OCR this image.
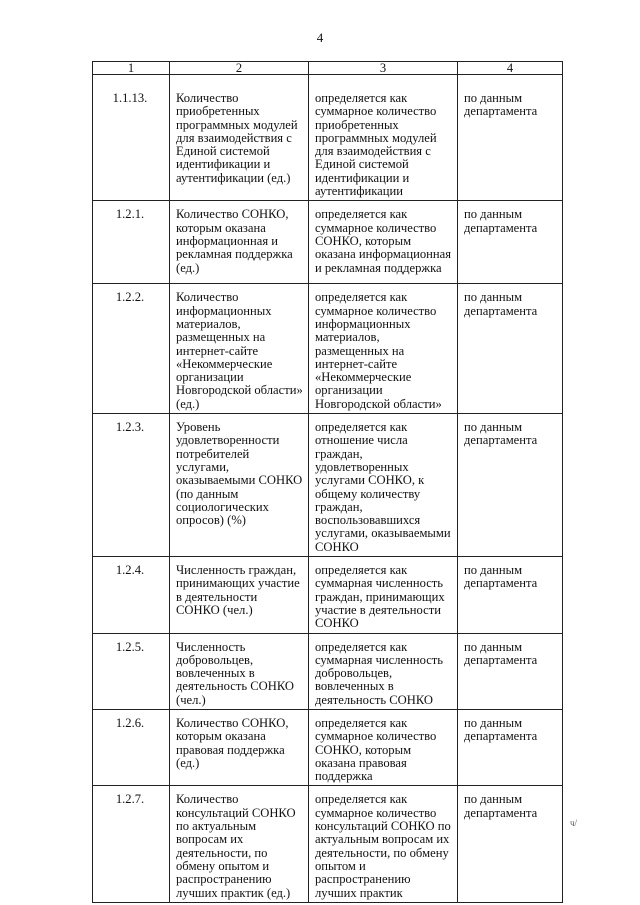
4
1	2	3	4
1.1.13.	Количество приобретенных программных модулей для взаимодействия с Единой системой идентификации и аутентификации (ед.)	определяется как суммарное количество приобретенных программных модулей для взаимодействия с Единой системой идентификации и аутентификации	по данным департамента
1.2.1.	Количество СОНКО, которым оказана информационная и рекламная поддержка (ед.)	определяется как суммарное количество СОНКО, которым оказана информационная и рекламная поддержка	по данным департамента
1.2.2.	Количество информационных материалов, размещенных на интернет-сайте «Некоммерческие организации Новгородской области» (ед.)	определяется как суммарное количество информационных материалов, размещенных на интернет-сайте «Некоммерческие организации Новгородской области»	по данным департамента
1.2.3.	Уровень удовлетворенности потребителей услугами, оказываемыми СОНКО (по данным социологических опросов) (%)	определяется как отношение числа граждан, удовлетворенных услугами СОНКО, к общему количеству граждан, воспользовавшихся услугами, оказываемыми СОНКО	по данным департамента
1.2.4.	Численность граждан, принимающих участие в деятельности СОНКО (чел.)	определяется как суммарная численность граждан, принимающих участие в деятельности СОНКО	по данным департамента
1.2.5.	Численность добровольцев, вовлеченных в деятельность СОНКО (чел.)	определяется как суммарная численность добровольцев, вовлеченных в деятельность СОНКО	по данным департамента
1.2.6.	Количество СОНКО, которым оказана правовая поддержка (ед.)	определяется как суммарное количество СОНКО, которым оказана правовая поддержка	по данным департамента
1.2.7.	Количество консультаций СОНКО по актуальным вопросам их деятельности, по обмену опытом и распространению лучших практик (ед.)	определяется как суммарное количество консультаций СОНКО по актуальным вопросам их деятельности, по обмену опытом и распространению лучших практик	по данным департамента
ч/
